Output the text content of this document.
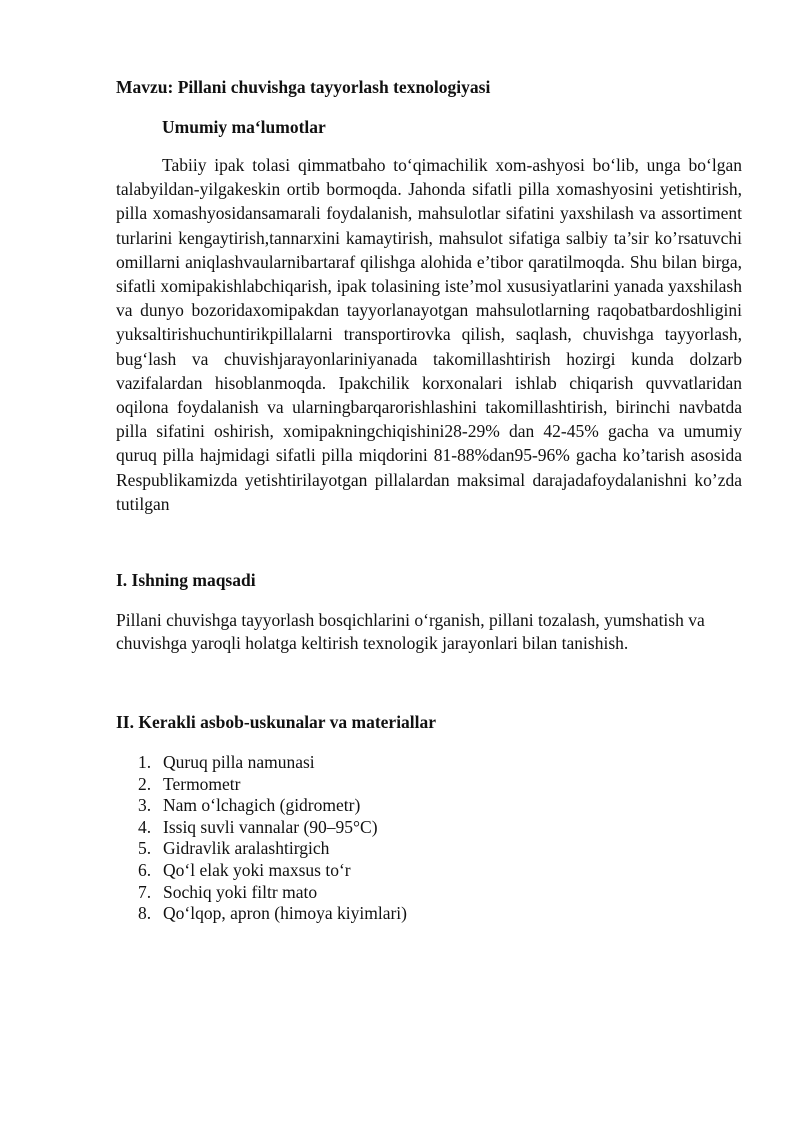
Mavzu: Pillani chuvishga tayyorlash texnologiyasi
Umumiy ma‘lumotlar

Tabiiy ipak tolasi qimmatbaho to‘qimachilik xom-ashyosi bo‘lib, unga bo‘lgan talabyildan-yilgakeskin ortib bormoqda. Jahonda sifatli pilla xomashyosini yetishtirish, pilla xomashyosidansamarali foydalanish, mahsulotlar sifatini yaxshilash va assortiment turlarini kengaytirish,tannarxini kamaytirish, mahsulot sifatiga salbiy ta’sir ko’rsatuvchi omillarni aniqlashvaularnibartaraf qilishga alohida e’tibor qaratilmoqda. Shu bilan birga, sifatli xomipakishlabchiqarish, ipak tolasining iste’mol xususiyatlarini yanada yaxshilash va dunyo bozoridaxomipakdan tayyorlanayotgan mahsulotlarning raqobatbardoshligini yuksaltirishuchuntirikpillalarni transportirovka qilish, saqlash, chuvishga tayyorlash, bug‘lash va chuvishjarayonlariniyanada takomillashtirish hozirgi kunda dolzarb vazifalardan hisoblanmoqda. Ipakchilik korxonalari ishlab chiqarish quvvatlaridan oqilona foydalanish va ularningbarqarorishlashini takomillashtirish, birinchi navbatda pilla sifatini oshirish, xomipakningchiqishini28-29% dan 42-45% gacha va umumiy quruq pilla hajmidagi sifatli pilla miqdorini 81-88%dan95-96% gacha ko’tarish asosida Respublikamizda yetishtirilayotgan pillalardan maksimal darajadafoydalanishni ko’zda tutilgan

I. Ishning maqsadi

Pillani chuvishga tayyorlash bosqichlarini o‘rganish, pillani tozalash, yumshatish va chuvishga yaroqli holatga keltirish texnologik jarayonlari bilan tanishish.

II. Kerakli asbob-uskunalar va materiallar
1. Quruq pilla namunasi
2. Termometr
3. Nam o‘lchagich (gidrometr)
4. Issiq suvli vannalar (90–95°C)
5. Gidravlik aralashtirgich
6. Qo‘l elak yoki maxsus to‘r
7. Sochiq yoki filtr mato
8. Qo‘lqop, apron (himoya kiyimlari)
